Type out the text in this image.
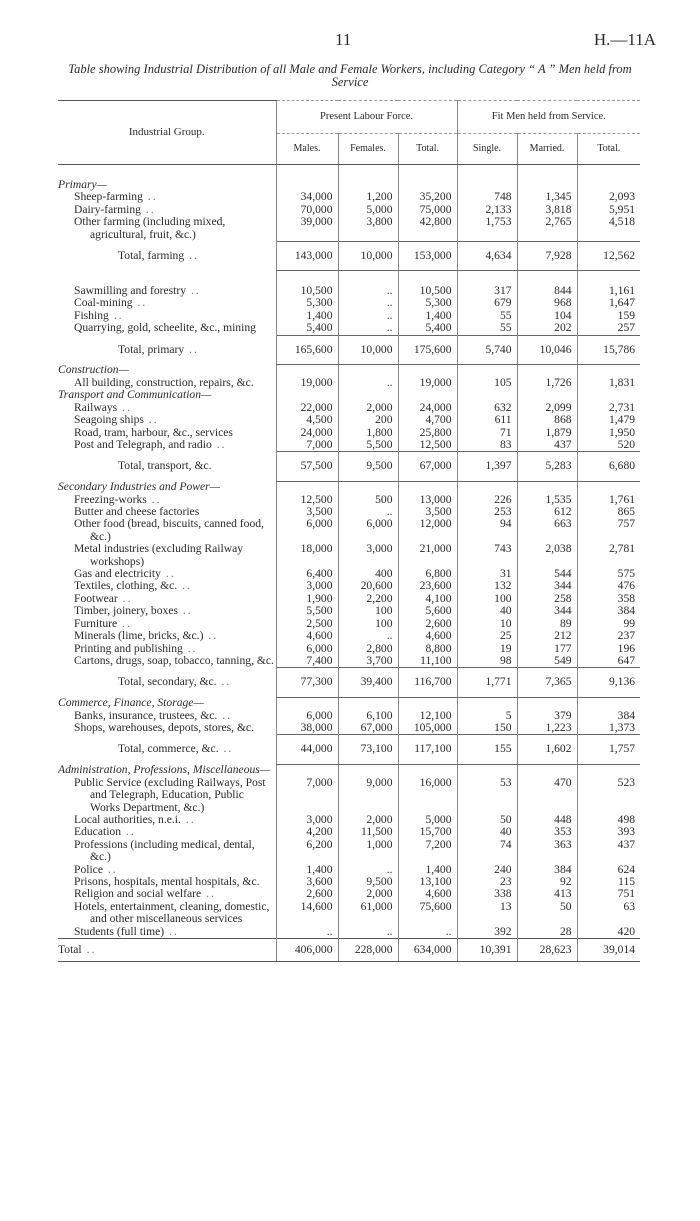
11	H.—11A
Table showing Industrial Distribution of all Male and Female Workers, including Category “ A ” Men held from Service
Industrial Group.	Present Labour Force.			Fit Men held from Service.		
	Males.	Females.	Total.	Single.	Married.	Total.

Primary—						

Sheep-farming ..	34,000	1,200	35,200	748	1,345	2,093

Dairy-farming ..	70,000	5,000	75,000	2,133	3,818	5,951

Other farming (including mixed, agricultural, fruit, &c.)	39,000	3,800	42,800	1,753	2,765	4,518
Total, farming ..	143,000	10,000	153,000	4,634	7,928	12,562

Sawmilling and forestry ..	10,500	..	10,500	317	844	1,161

Coal-mining ..	5,300	..	5,300	679	968	1,647

Fishing ..	1,400	..	1,400	55	104	159

Quarrying, gold, scheelite, &c., mining	5,400	..	5,400	55	202	257
Total, primary ..	165,600	10,000	175,600	5,740	10,046	15,786
Construction—						

All building, construction, repairs, &c.	19,000	..	19,000	105	1,726	1,831
Transport and Communication—						

Railways ..	22,000	2,000	24,000	632	2,099	2,731

Seagoing ships ..	4,500	200	4,700	611	868	1,479

Road, tram, harbour, &c., services	24,000	1,800	25,800	71	1,879	1,950

Post and Telegraph, and radio ..	7,000	5,500	12,500	83	437	520
Total, transport, &c.	57,500	9,500	67,000	1,397	5,283	6,680
Secondary Industries and Power—						

Freezing-works ..	12,500	500	13,000	226	1,535	1,761

Butter and cheese factories	3,500	..	3,500	253	612	865

Other food (bread, biscuits, canned food, &c.)	6,000	6,000	12,000	94	663	757

Metal industries (excluding Railway workshops)	18,000	3,000	21,000	743	2,038	2,781

Gas and electricity ..	6,400	400	6,800	31	544	575

Textiles, clothing, &c. ..	3,000	20,600	23,600	132	344	476

Footwear ..	1,900	2,200	4,100	100	258	358

Timber, joinery, boxes ..	5,500	100	5,600	40	344	384

Furniture ..	2,500	100	2,600	10	89	99

Minerals (lime, bricks, &c.) ..	4,600	..	4,600	25	212	237

Printing and publishing ..	6,000	2,800	8,800	19	177	196

Cartons, drugs, soap, tobacco, tanning, &c.	7,400	3,700	11,100	98	549	647
Total, secondary, &c. ..	77,300	39,400	116,700	1,771	7,365	9,136
Commerce, Finance, Storage—						

Banks, insurance, trustees, &c. ..	6,000	6,100	12,100	5	379	384

Shops, warehouses, depots, stores, &c.	38,000	67,000	105,000	150	1,223	1,373
Total, commerce, &c. ..	44,000	73,100	117,100	155	1,602	1,757
Administration, Professions, Miscellaneous—						

Public Service (excluding Railways, Post and Telegraph, Education, Public Works Department, &c.)	7,000	9,000	16,000	53	470	523

Local authorities, n.e.i. ..	3,000	2,000	5,000	50	448	498

Education ..	4,200	11,500	15,700	40	353	393

Professions (including medical, dental, &c.)	6,200	1,000	7,200	74	363	437

Police ..	1,400	..	1,400	240	384	624

Prisons, hospitals, mental hospitals, &c.	3,600	9,500	13,100	23	92	115

Religion and social welfare ..	2,600	2,000	4,600	338	413	751

Hotels, entertainment, cleaning, domestic, and other miscellaneous services	14,600	61,000	75,600	13	50	63

Students (full time) ..	..	..	..	392	28	420
Total ..	406,000	228,000	634,000	10,391	28,623	39,014
